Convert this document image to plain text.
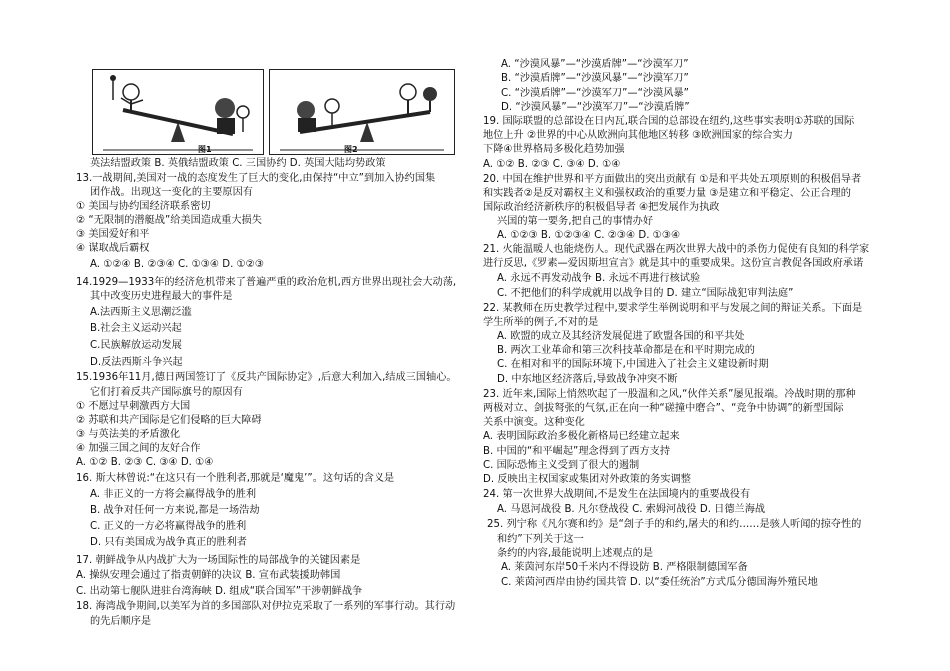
图1	图2
英法结盟政策 B. 英俄结盟政策 C. 三国协约 D. 英国大陆均势政策
13.一战期间,美国对一战的态度发生了巨大的变化,由保持“中立”到加入协约国集
团作战。出现这一变化的主要原因有
① 美国与协约国经济联系密切
② “无限制的潜艇战”给美国造成重大损失
③ 美国爱好和平
④ 谋取战后霸权
A. ①②④ B. ②③④ C. ①③④ D. ①②③
14.1929—1933年的经济危机带来了普遍严重的政治危机,西方世界出现社会大动荡,
其中改变历史进程最大的事件是
A.法西斯主义思潮泛滥
B.社会主义运动兴起
C.民族解放运动发展
D.反法西斯斗争兴起
15.1936年11月,德日两国签订了《反共产国际协定》,后意大利加入,结成三国轴心。
它们打着反共产国际旗号的原因有
① 不愿过早刺激西方大国
② 苏联和共产国际是它们侵略的巨大障碍
③ 与英法美的矛盾激化
④ 加强三国之间的友好合作
A. ①② B. ②③ C. ③④ D. ①④
16. 斯大林曾说:“在这只有一个胜利者,那就是‘魔鬼’”。这句话的含义是
A. 非正义的一方将会赢得战争的胜利
B. 战争对任何一方来说,都是一场浩劫
C. 正义的一方必将赢得战争的胜利
D. 只有美国成为战争真正的胜利者
17. 朝鲜战争从内战扩大为一场国际性的局部战争的关键因素是
A. 操纵安理会通过了指责朝鲜的决议 B. 宣布武装援助韩国
C. 出动第七舰队进驻台湾海峡 D. 组成“联合国军”干涉朝鲜战争
18. 海湾战争期间,以美军为首的多国部队对伊拉克采取了一系列的军事行动。其行动
的先后顺序是
A. “沙漠风暴”—“沙漠盾牌”—“沙漠军刀”
B. “沙漠盾牌”—“沙漠风暴”—“沙漠军刀”
C. “沙漠盾牌”—“沙漠军刀”—“沙漠风暴”
D. “沙漠风暴”—“沙漠军刀”—“沙漠盾牌”
19. 国际联盟的总部设在日内瓦,联合国的总部设在纽约,这些事实表明①苏联的国际
地位上升 ②世界的中心从欧洲向其他地区转移 ③欧洲国家的综合实力
下降④世界格局多极化趋势加强
A. ①② B. ②③ C. ③④ D. ①④
20. 中国在维护世界和平方面做出的突出贡献有 ①是和平共处五项原则的积极倡导者
和实践者②是反对霸权主义和强权政治的重要力量 ③是建立和平稳定、公正合理的
国际政治经济新秩序的积极倡导者 ④把发展作为执政
兴国的第一要务,把自己的事情办好
A. ①②③ B. ①②③④ C. ②③④ D. ①③④
21. 火能温暖人也能烧伤人。现代武器在两次世界大战中的杀伤力促使有良知的科学家
进行反思,《罗素—爱因斯坦宣言》就是其中的重要成果。这份宣言教促各国政府承诺
A. 永远不再发动战争 B. 永远不再进行核试验
C. 不把他们的科学成就用以战争目的 D. 建立“国际战犯审判法庭”
22. 某教师在历史教学过程中,要求学生举例说明和平与发展之间的辩证关系。下面是
学生所举的例子,不对的是
A. 欧盟的成立及其经济发展促进了欧盟各国的和平共处
B. 两次工业革命和第三次科技革命都是在和平时期完成的
C. 在相对和平的国际环境下,中国进入了社会主义建设新时期
D. 中东地区经济落后,导致战争冲突不断
23. 近年来,国际上悄然吹起了一股温和之风,“伙伴关系”屡见报端。冷战时期的那种
两极对立、剑拔弩张的气氛,正在向一种“磋撞中磨合”、“竞争中协调”的新型国际
关系中演变。这种变化
A. 表明国际政治多极化新格局已经建立起来
B. 中国的“和平崛起”理念得到了西方支持
C. 国际恐怖主义受到了很大的遏制
D. 反映出主权国家或集团对外政策的务实调整
24. 第一次世界大战期间,不是发生在法国境内的重要战役有
A. 马恩河战役 B. 凡尔登战役 C. 索姆河战役 D. 日德兰海战
25. 列宁称《凡尔赛和约》是“刽子手的和约,屠夫的和约……是骇人听闻的掠夺性的
和约”下列关于这一
条约的内容,最能说明上述观点的是
A. 莱茵河东岸50千米内不得设防 B. 严格限制德国军备
C. 莱茵河西岸由协约国共管 D. 以“委任统治”方式瓜分德国海外殖民地
